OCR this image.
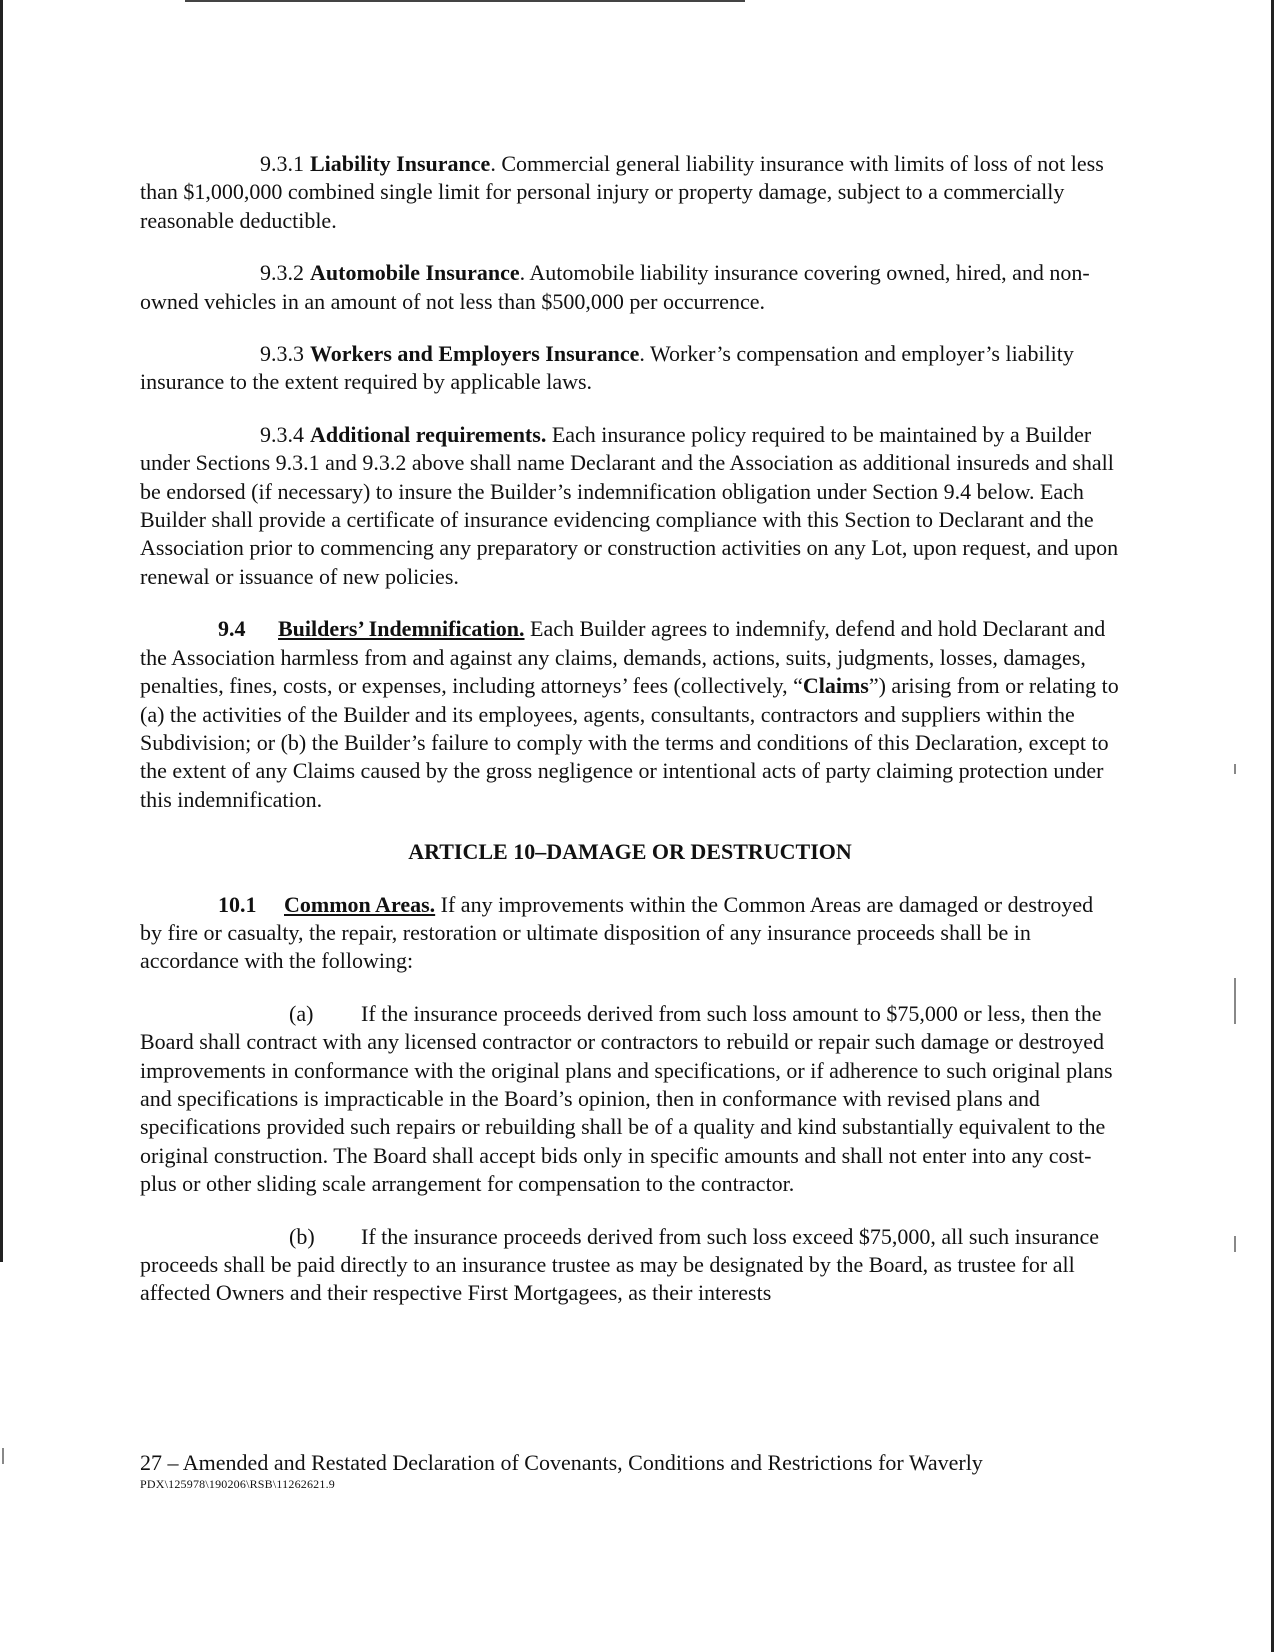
9.3.1 Liability Insurance. Commercial general liability insurance with limits of loss of not less than $1,000,000 combined single limit for personal injury or property damage, subject to a commercially reasonable deductible.

9.3.2 Automobile Insurance. Automobile liability insurance covering owned, hired, and non-owned vehicles in an amount of not less than $500,000 per occurrence.

9.3.3 Workers and Employers Insurance. Worker’s compensation and employer’s liability insurance to the extent required by applicable laws.

9.3.4 Additional requirements. Each insurance policy required to be maintained by a Builder under Sections 9.3.1 and 9.3.2 above shall name Declarant and the Association as additional insureds and shall be endorsed (if necessary) to insure the Builder’s indemnification obligation under Section 9.4 below. Each Builder shall provide a certificate of insurance evidencing compliance with this Section to Declarant and the Association prior to commencing any preparatory or construction activities on any Lot, upon request, and upon renewal or issuance of new policies.

9.4 Builders’ Indemnification. Each Builder agrees to indemnify, defend and hold Declarant and the Association harmless from and against any claims, demands, actions, suits, judgments, losses, damages, penalties, fines, costs, or expenses, including attorneys’ fees (collectively, “Claims”) arising from or relating to (a) the activities of the Builder and its employees, agents, consultants, contractors and suppliers within the Subdivision; or (b) the Builder’s failure to comply with the terms and conditions of this Declaration, except to the extent of any Claims caused by the gross negligence or intentional acts of party claiming protection under this indemnification.

ARTICLE 10–DAMAGE OR DESTRUCTION

10.1 Common Areas. If any improvements within the Common Areas are damaged or destroyed by fire or casualty, the repair, restoration or ultimate disposition of any insurance proceeds shall be in accordance with the following:

(a) If the insurance proceeds derived from such loss amount to $75,000 or less, then the Board shall contract with any licensed contractor or contractors to rebuild or repair such damage or destroyed improvements in conformance with the original plans and specifications, or if adherence to such original plans and specifications is impracticable in the Board’s opinion, then in conformance with revised plans and specifications provided such repairs or rebuilding shall be of a quality and kind substantially equivalent to the original construction. The Board shall accept bids only in specific amounts and shall not enter into any cost-plus or other sliding scale arrangement for compensation to the contractor.

(b) If the insurance proceeds derived from such loss exceed $75,000, all such insurance proceeds shall be paid directly to an insurance trustee as may be designated by the Board, as trustee for all affected Owners and their respective First Mortgagees, as their interests

27 – Amended and Restated Declaration of Covenants, Conditions and Restrictions for Waverly
PDX\125978\190206\RSB\11262621.9
